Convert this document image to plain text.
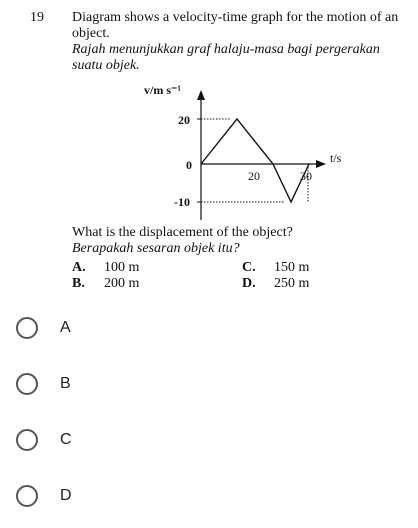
19 Diagram shows a velocity-time graph for the motion of an object.
Rajah menunjukkan graf halaju-masa bagi pergerakan suatu objek.
v/m s⁻¹
t/s
20
0
-10
20	30
What is the displacement of the object?
Berapakah sesaran objek itu?
A. 100 m
B. 200 m
C. 150 m
D. 250 m
A
B
C
D
